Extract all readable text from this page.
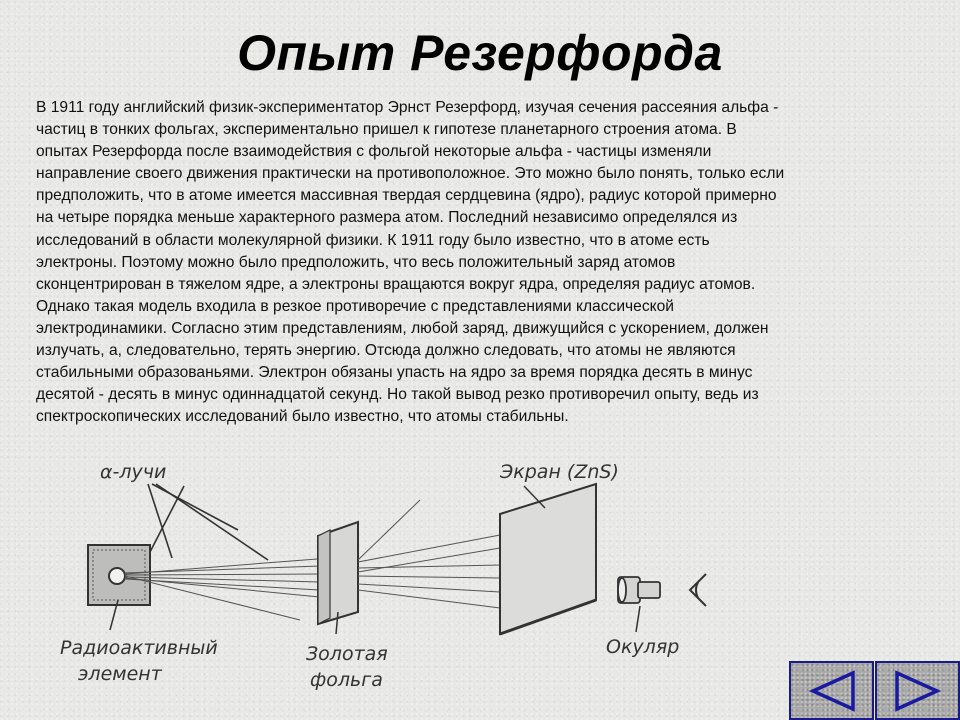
Опыт Резерфорда
В 1911 году английский физик-экспериментатор Эрнст Резерфорд, изучая сечения рассеяния альфа -
частиц в тонких фольгах, экспериментально пришел к гипотезе планетарного строения атома. В
опытах Резерфорда после взаимодействия с фольгой некоторые альфа - частицы изменяли
направление своего движения практически на противоположное. Это можно было понять, только если
предположить, что в атоме имеется массивная твердая сердцевина (ядро), радиус которой примерно
на четыре порядка меньше характерного размера атом. Последний независимо определялся из
исследований в области молекулярной физики. К 1911 году было известно, что в атоме есть
электроны. Поэтому можно было предположить, что весь положительный заряд атомов
сконцентрирован в тяжелом ядре, а электроны вращаются вокруг ядра, определяя радиус атомов.
Однако такая модель входила в резкое противоречие с представлениями классической
электродинамики. Согласно этим представлениям, любой заряд, движущийся с ускорением, должен
излучать, а, следовательно, терять энергию. Отсюда должно следовать, что атомы не являются
стабильными образованьями. Электрон обязаны упасть на ядро за время порядка десять в минус
десятой - десять в минус одиннадцатой секунд. Но такой вывод резко противоречил опыту, ведь из
спектроскопических исследований было известно, что атомы стабильны.
α-лучи	Экран (ZnS)
Окуляр
Радиоактивный
элемент
Золотая
фольга
